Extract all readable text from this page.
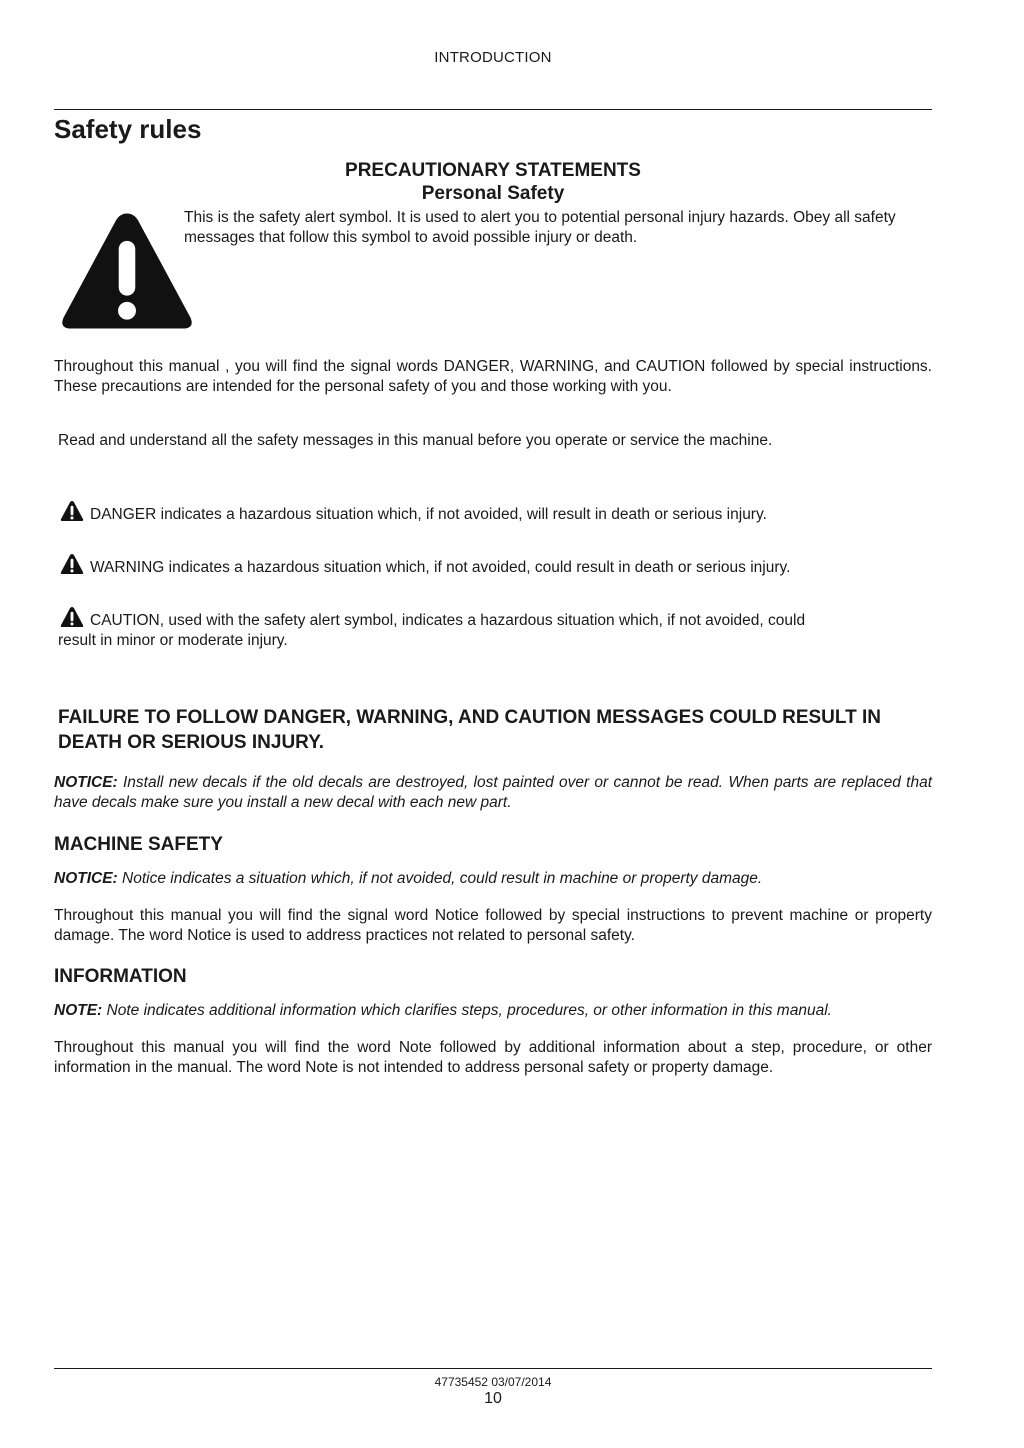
INTRODUCTION
Safety rules
PRECAUTIONARY STATEMENTS
Personal Safety
This is the safety alert symbol. It is used to alert you to potential personal injury hazards. Obey all safety messages that follow this symbol to avoid possible injury or death.
Throughout this manual , you will find the signal words DANGER, WARNING, and CAUTION followed by special instructions. These precautions are intended for the personal safety of you and those working with you.
Read and understand all the safety messages in this manual before you operate or service the machine.
DANGER indicates a hazardous situation which, if not avoided, will result in death or serious injury.
WARNING indicates a hazardous situation which, if not avoided, could result in death or serious injury.
CAUTION, used with the safety alert symbol, indicates a hazardous situation which, if not avoided, could
result in minor or moderate injury.
FAILURE TO FOLLOW DANGER, WARNING, AND CAUTION MESSAGES COULD RESULT IN DEATH OR SERIOUS INJURY.
NOTICE: Install new decals if the old decals are destroyed, lost painted over or cannot be read. When parts are replaced that have decals make sure you install a new decal with each new part.
MACHINE SAFETY
NOTICE: Notice indicates a situation which, if not avoided, could result in machine or property damage.
Throughout this manual you will find the signal word Notice followed by special instructions to prevent machine or property damage. The word Notice is used to address practices not related to personal safety.
INFORMATION
NOTE: Note indicates additional information which clarifies steps, procedures, or other information in this manual.
Throughout this manual you will find the word Note followed by additional information about a step, procedure, or other information in the manual. The word Note is not intended to address personal safety or property damage.
47735452 03/07/2014
10
